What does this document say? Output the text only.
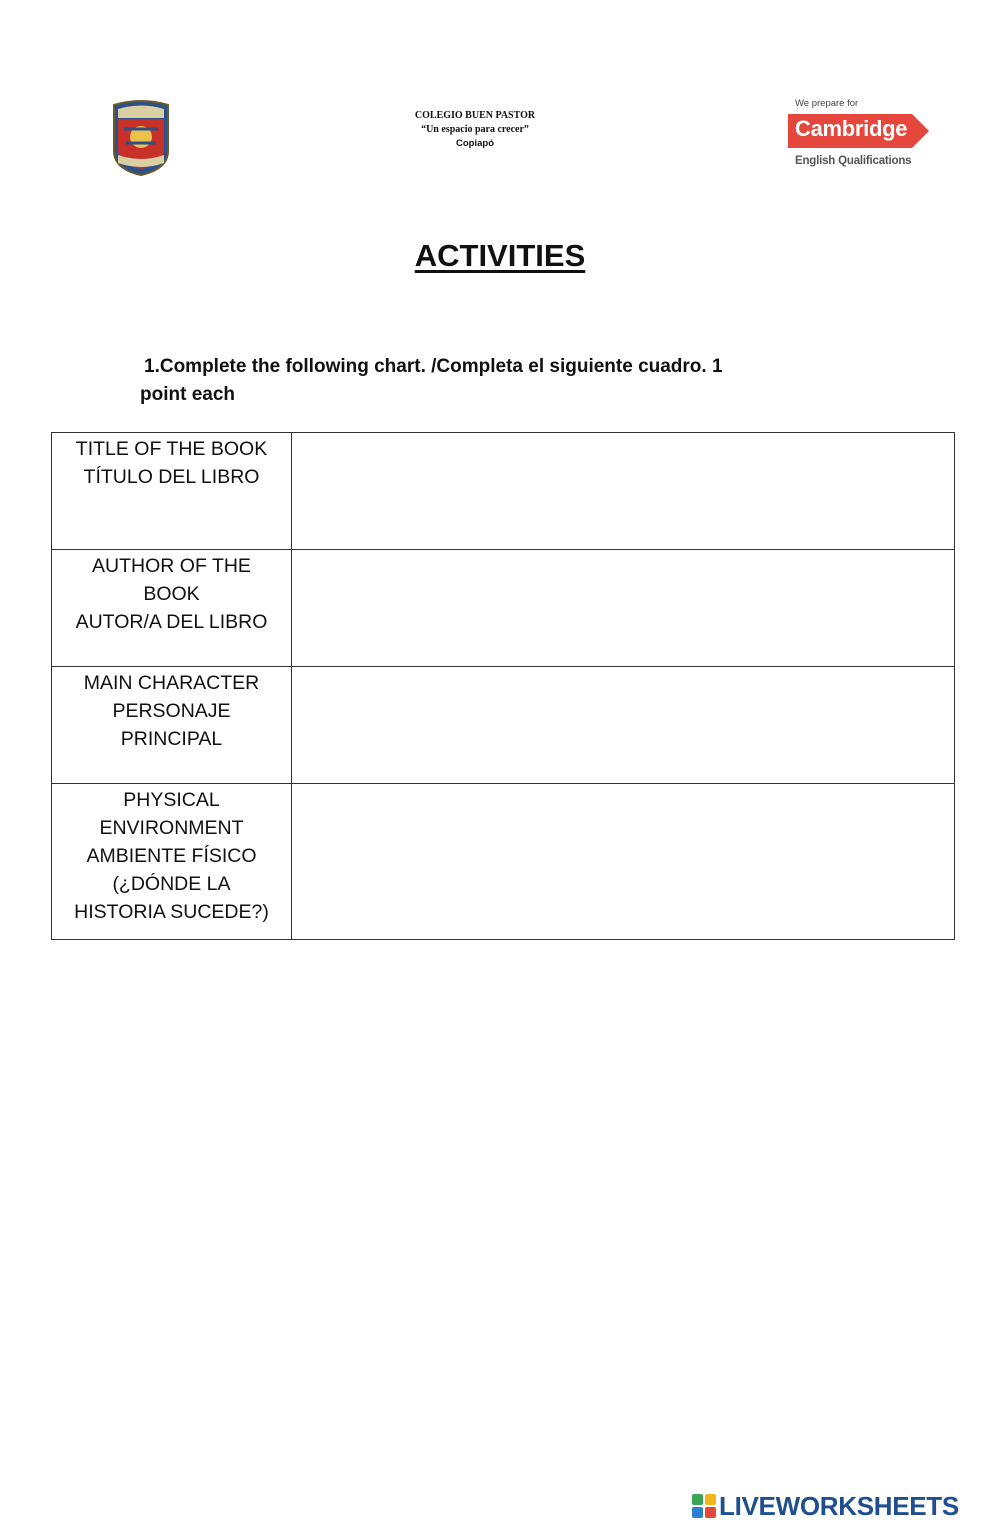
COLEGIO BUEN PASTOR
“Un espacio para crecer”
Copiapó
We prepare for
Cambridge
English Qualifications
ACTIVITIES
1.Complete the following chart. /Completa el siguiente cuadro. 1
point each
TITLE OF THE BOOK
TÍTULO DEL LIBRO	

AUTHOR OF THE
BOOK
AUTOR/A DEL LIBRO	

MAIN CHARACTER
PERSONAJE
PRINCIPAL	

PHYSICAL
ENVIRONMENT
AMBIENTE FÍSICO
(¿DÓNDE LA
HISTORIA SUCEDE?)	

LIVEWORKSHEETS
